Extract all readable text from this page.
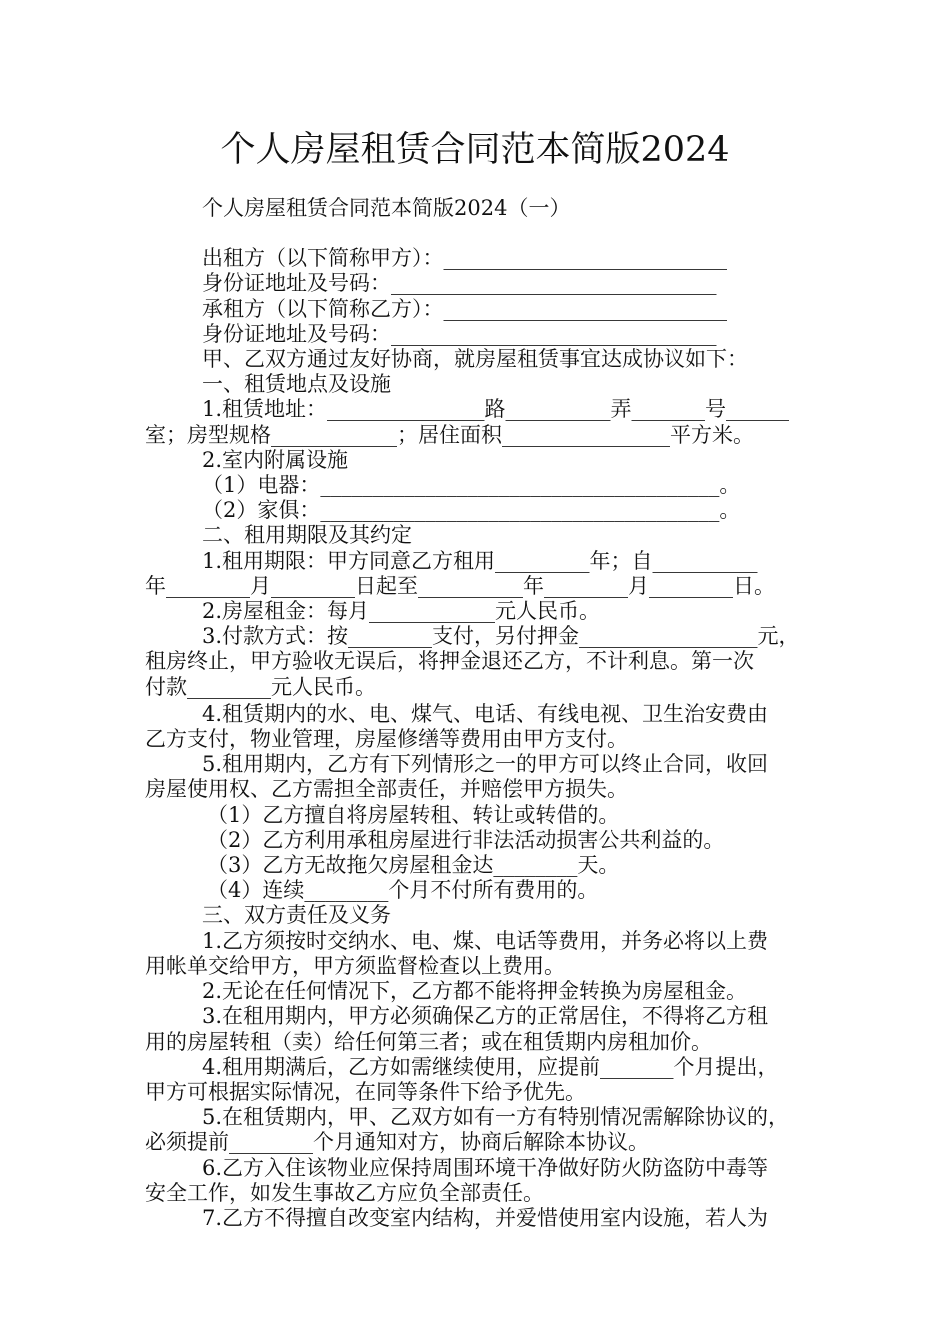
个人房屋租赁合同范本简版2024

个人房屋租赁合同范本简版2024（一）

出租方（以下简称甲方）：___________________________

身份证地址及号码：_______________________________

承租方（以下简称乙方）：___________________________

身份证地址及号码：_______________________________

甲、乙双方通过友好协商，就房屋租赁事宜达成协议如下：

一、租赁地点及设施

1.租赁地址：_______________路__________弄_______号______

室；房型规格____________；居住面积________________平方米。

2.室内附属设施

（1）电器：______________________________________。

（2）家俱：______________________________________。

二、租用期限及其约定

1.租用期限：甲方同意乙方租用_________年；自__________

年________月________日起至__________年________月________日。

2.房屋租金：每月____________元人民币。

3.付款方式：按________支付，另付押金_________________元，

租房终止，甲方验收无误后，将押金退还乙方，不计利息。第一次

付款________元人民币。

4.租赁期内的水、电、煤气、电话、有线电视、卫生治安费由

乙方支付，物业管理，房屋修缮等费用由甲方支付。

5.租用期内，乙方有下列情形之一的甲方可以终止合同，收回

房屋使用权、乙方需担全部责任，并赔偿甲方损失。

（1）乙方擅自将房屋转租、转让或转借的。

（2）乙方利用承租房屋进行非法活动损害公共利益的。

（3）乙方无故拖欠房屋租金达________天。

（4）连续________个月不付所有费用的。

三、双方责任及义务

1.乙方须按时交纳水、电、煤、电话等费用，并务必将以上费

用帐单交给甲方，甲方须监督检查以上费用。

2.无论在任何情况下，乙方都不能将押金转换为房屋租金。

3.在租用期内，甲方必须确保乙方的正常居住，不得将乙方租

用的房屋转租（卖）给任何第三者；或在租赁期内房租加价。

4.租用期满后，乙方如需继续使用，应提前_______个月提出，

甲方可根据实际情况，在同等条件下给予优先。

5.在租赁期内，甲、乙双方如有一方有特别情况需解除协议的，

必须提前________个月通知对方，协商后解除本协议。

6.乙方入住该物业应保持周围环境干净做好防火防盗防中毒等

安全工作，如发生事故乙方应负全部责任。

7.乙方不得擅自改变室内结构，并爱惜使用室内设施，若人为
